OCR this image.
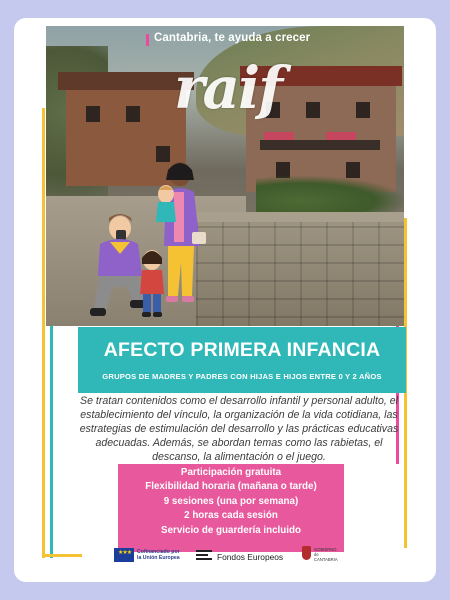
Cantabria, te ayuda a crecer
raif
AFECTO PRIMERA INFANCIA
GRUPOS DE MADRES Y PADRES CON HIJAS E HIJOS ENTRE 0 Y 2 AÑOS

Se tratan contenidos como el desarrollo infantil y personal adulto, el establecimiento del vínculo, la organización de la vida cotidiana, las estrategias de estimulación del desarrollo y las prácticas educativas adecuadas. Además, se abordan temas como las rabietas, el descanso, la alimentación o el juego.

Participación gratuita
Flexibilidad horaria (mañana o tarde)
9 sesiones (una por semana)
2 horas cada sesión
Servicio de guardería incluido
★★★ Cofinanciado por
la Unión Europea	Fondos Europeos
GOBIERNO
de
CANTABRIA
